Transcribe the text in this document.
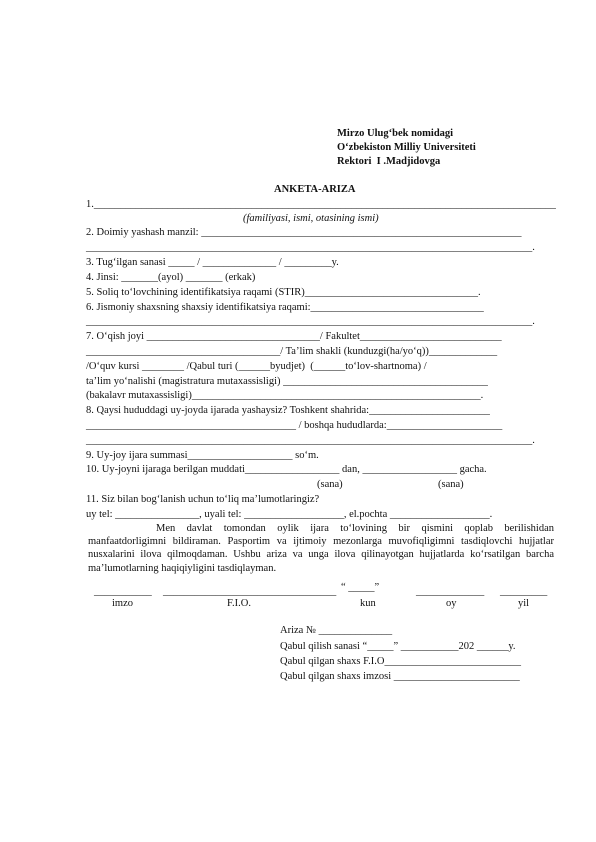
Mirzo Ulug‘bek nomidagi
O‘zbekiston Milliy Universiteti
Rektori  I .Madjidovga
ANKETA-ARIZA
1.________________________________________________________________________________________
(familiyasi, ismi, otasining ismi)
2. Doimiy yashash manzil: _____________________________________________________________
_____________________________________________________________________________________.
3. Tug‘ilgan sanasi _____ / ______________ / _________y.
4. Jinsi: _______(ayol) _______ (erkak)
5. Soliq to‘lovchining identifikatsiya raqami (STIR)_________________________________.
6. Jismoniy shaxsning shaxsiy identifikatsiya raqami:_________________________________
_____________________________________________________________________________________.
7. O‘qish joyi _________________________________/ Fakultet___________________________
_____________________________________/ Ta’lim shakli (kunduzgi(ha/yo‘q))_____________
/O‘quv kursi ________ /Qabul turi (______byudjet)  (______to‘lov-shartnoma) /
ta’lim yo‘nalishi (magistratura mutaxassisligi) _______________________________________
(bakalavr mutaxassisligi)_______________________________________________________.
8. Qaysi hududdagi uy-joyda ijarada yashaysiz? Toshkent shahrida:_______________________
________________________________________ / boshqa hududlarda:______________________
_____________________________________________________________________________________.
9. Uy-joy ijara summasi____________________ so‘m.
10. Uy-joyni ijaraga berilgan muddati__________________ dan, __________________ gacha.
(sana)	(sana)
11. Siz bilan bog‘lanish uchun to‘liq ma’lumotlaringiz?
uy tel: ________________, uyali tel: ___________________, el.pochta ___________________.
Men davlat tomondan oylik ijara to‘lovining bir qismini qoplab berilishidan manfaatdorligimni bildiraman. Pasportim va ijtimoiy mezonlarga muvofiqligimni tasdiqlovchi hujjatlar nusxalarini ilova qilmoqdaman. Ushbu ariza va unga ilova qilinayotgan hujjatlarda ko‘rsatilgan barcha ma’lumotlarning haqiqiyligini tasdiqlayman.
___________ _________________________________ “ _____”	_____________ _________
imzo	F.I.O.	kun	oy	yil
Ariza № ______________
Qabul qilish sanasi “_____” ___________202 ______y.
Qabul qilgan shaxs F.I.O__________________________
Qabul qilgan shaxs imzosi ________________________
